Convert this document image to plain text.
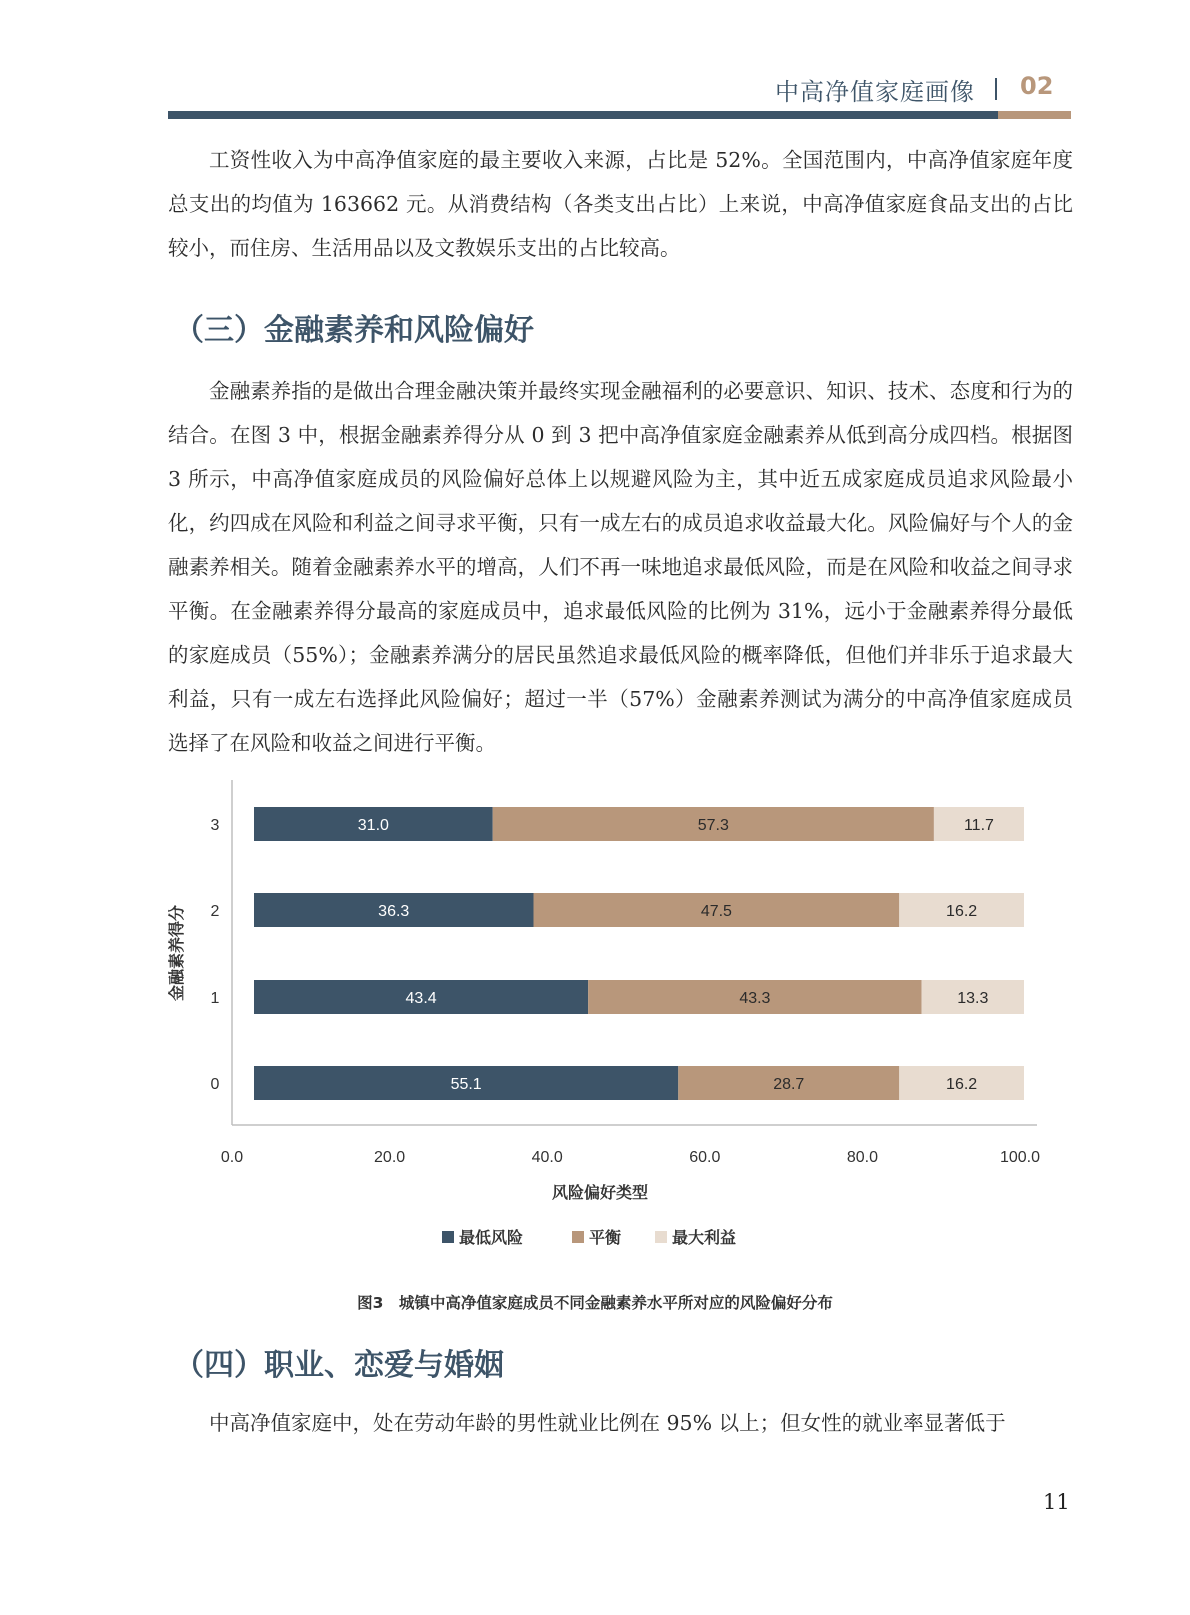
中高净值家庭画像 02

工资性收入为中高净值家庭的最主要收入来源，占比是 52%。全国范围内，中高净值家庭年度总支出的均值为 163662 元。从消费结构（各类支出占比）上来说，中高净值家庭食品支出的占比较小，而住房、生活用品以及文教娱乐支出的占比较高。

（三）金融素养和风险偏好

金融素养指的是做出合理金融决策并最终实现金融福利的必要意识、知识、技术、态度和行为的结合。在图 3 中，根据金融素养得分从 0 到 3 把中高净值家庭金融素养从低到高分成四档。根据图 3 所示，中高净值家庭成员的风险偏好总体上以规避风险为主，其中近五成家庭成员追求风险最小化，约四成在风险和利益之间寻求平衡，只有一成左右的成员追求收益最大化。风险偏好与个人的金融素养相关。随着金融素养水平的增高，人们不再一味地追求最低风险，而是在风险和收益之间寻求平衡。在金融素养得分最高的家庭成员中，追求最低风险的比例为 31%，远小于金融素养得分最低的家庭成员（55%）；金融素养满分的居民虽然追求最低风险的概率降低，但他们并非乐于追求最大利益，只有一成左右选择此风险偏好；超过一半（57%）金融素养测试为满分的中高净值家庭成员选择了在风险和收益之间进行平衡。

31.0	57.3	11.7
3
36.3	47.5	16.2
2
43.4	43.3	13.3
1
55.1	28.7	16.2
0
0.0	20.0	40.0	60.0	80.0	100.0
风险偏好类型
金融素养得分
最低风险	平衡	最大利益
图3　城镇中高净值家庭成员不同金融素养水平所对应的风险偏好分布
（四）职业、恋爱与婚姻

中高净值家庭中，处在劳动年龄的男性就业比例在 95% 以上；但女性的就业率显著低于

11
